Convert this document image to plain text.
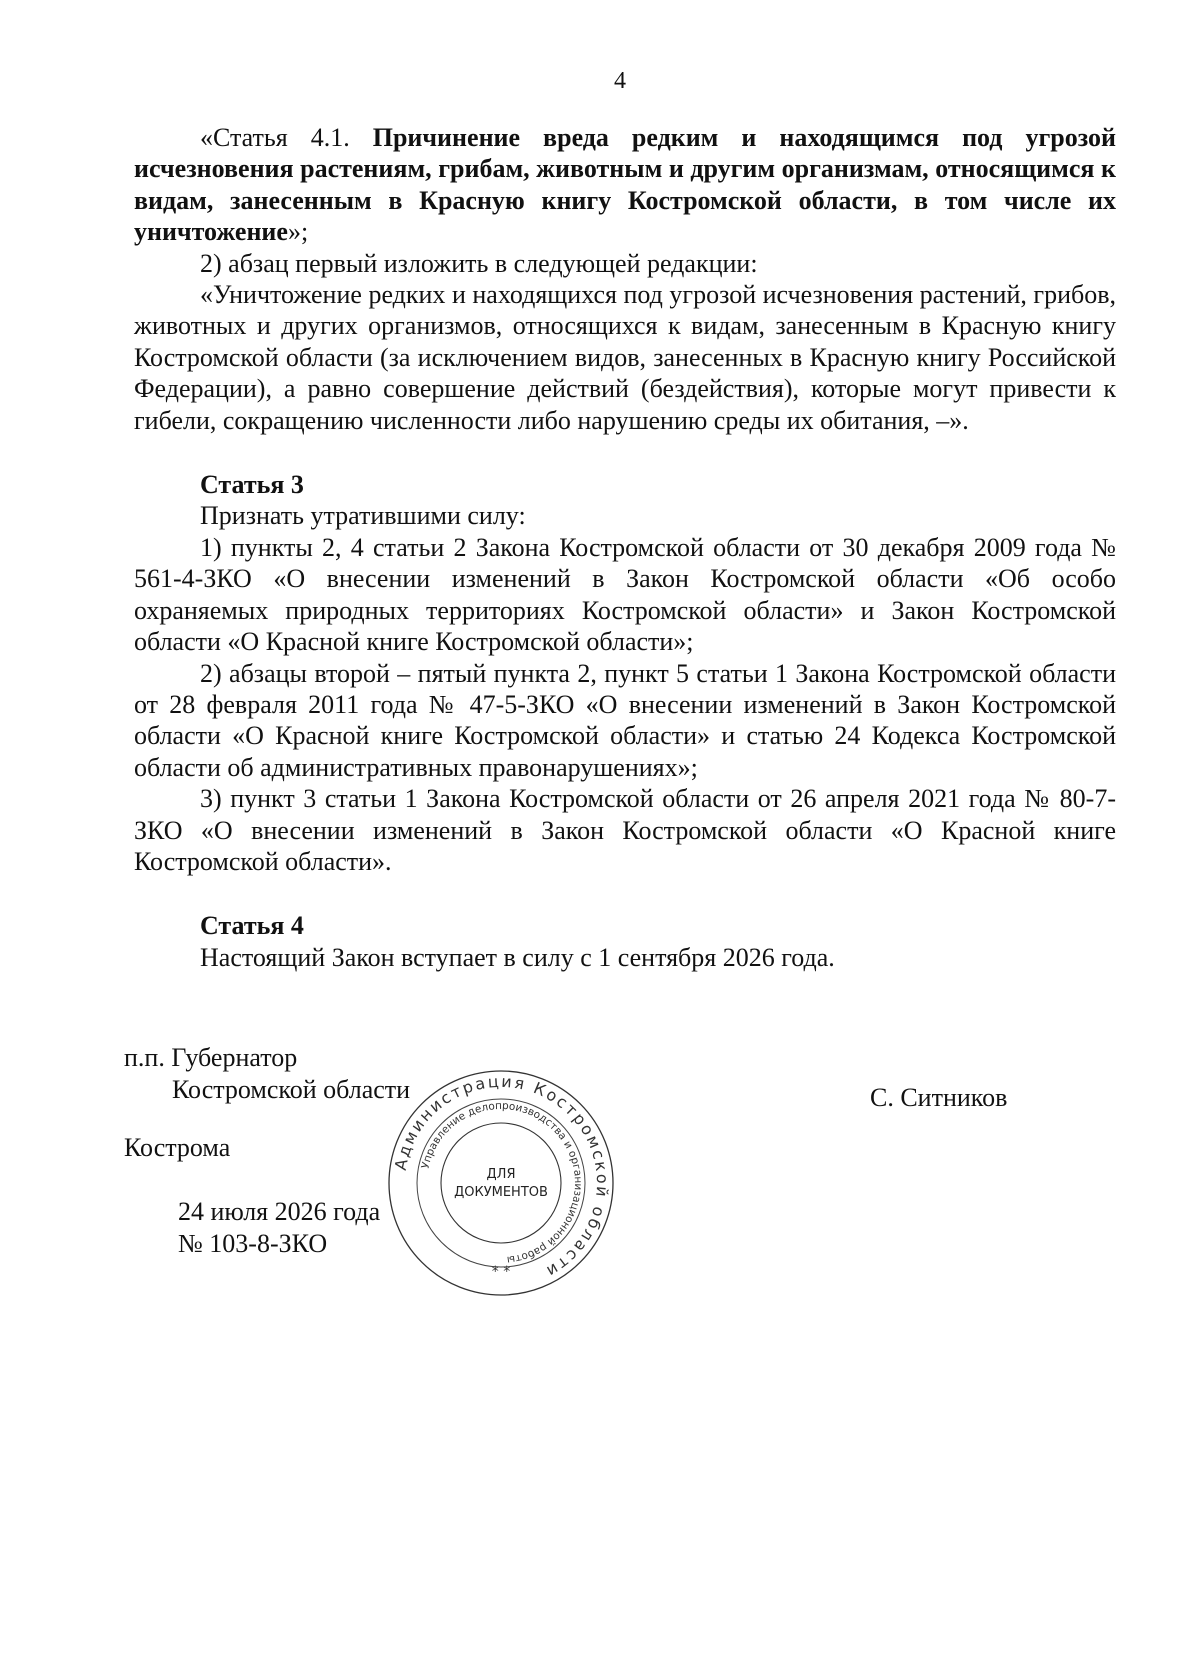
4

«Статья 4.1. Причинение вреда редким и находящимся под угрозой исчезновения растениям, грибам, животным и другим организмам, относящимся к видам, занесенным в Красную книгу Костромской области, в том числе их уничтожение»;

2) абзац первый изложить в следующей редакции:

«Уничтожение редких и находящихся под угрозой исчезновения растений, грибов, животных и других организмов, относящихся к видам, занесенным в Красную книгу Костромской области (за исключением видов, занесенных в Красную книгу Российской Федерации), а равно совершение действий (бездействия), которые могут привести к гибели, сокращению численности либо нарушению среды их обитания, –».

Статья 3

Признать утратившими силу:

1) пункты 2, 4 статьи 2 Закона Костромской области от 30 декабря 2009 года № 561-4-ЗКО «О внесении изменений в Закон Костромской области «Об особо охраняемых природных территориях Костромской области» и Закон Костромской области «О Красной книге Костромской области»;

2) абзацы второй – пятый пункта 2, пункт 5 статьи 1 Закона Костромской области от 28 февраля 2011 года № 47-5-ЗКО «О внесении изменений в Закон Костромской области «О Красной книге Костромской области» и статью 24 Кодекса Костромской области об административных правонарушениях»;

3) пункт 3 статьи 1 Закона Костромской области от 26 апреля 2021 года № 80-7-ЗКО «О внесении изменений в Закон Костромской области «О Красной книге Костромской области».

Статья 4

Настоящий Закон вступает в силу с 1 сентября 2026 года.

п.п. Губернатор
Костромской области	С. Ситников
Кострома
24 июля 2026 года
№ 103-8-ЗКО
Администрация Костромской области
Управление делопроизводства и организационной работы
ДЛЯ
ДОКУМЕНТОВ
* *
